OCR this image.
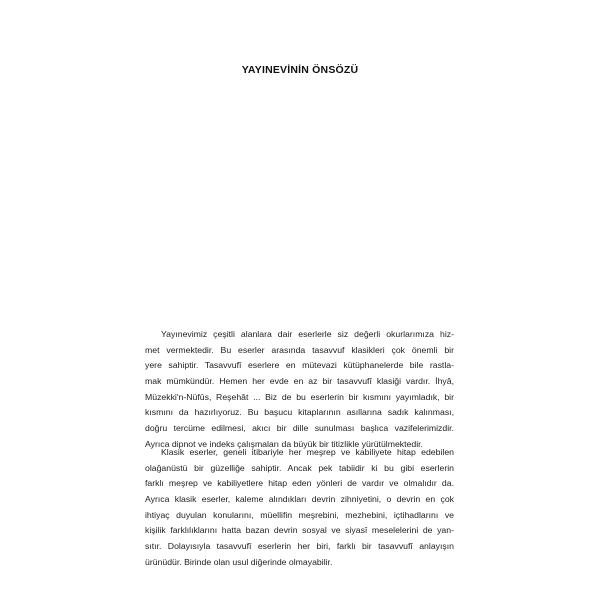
YAYINEVİNİN ÖNSÖZÜ
Yayınevimiz çeşitli alanlara dair eserlerle siz değerli okurlarımıza hiz-
met vermektedir. Bu eserler arasında tasavvuf klasikleri çok önemli bir
yere sahiptir. Tasavvufî eserlere en mütevazi kütüphanelerde bile rastla-
mak mümkündür. Hemen her evde en az bir tasavvufî klasiği vardır. İhyâ,
Müzekki'n-Nüfûs, Reşehât ... Biz de bu eserlerin bir kısmını yayımladık, bir
kısmını da hazırlıyoruz. Bu başucu kitaplarının asıllarına sadık kalınması,
doğru tercüme edilmesi, akıcı bir dille sunulması başlıca vazifelerimizdir.
Ayrıca dipnot ve indeks çalışmaları da büyük bir titizlikle yürütülmektedir.
Klasik eserler, geneli itibariyle her meşrep ve kabiliyete hitap edebilen
olağanüstü bir güzelliğe sahiptir. Ancak pek tabiidir ki bu gibi eserlerin
farklı meşrep ve kabiliyetlere hitap eden yönleri de vardır ve olmalıdır da.
Ayrıca klasik eserler, kaleme alındıkları devrin zihniyetini, o devrin en çok
ihtiyaç duyulan konularını, müellifin meşrebini, mezhebini, içtihadlarını ve
kişilik farklılıklarını hatta bazan devrin sosyal ve siyasî meselelerini de yan-
sıtır. Dolayısıyla tasavvufî eserlerin her biri, farklı bir tasavvufî anlayışın
ürünüdür. Birinde olan usul diğerinde olmayabilir.
